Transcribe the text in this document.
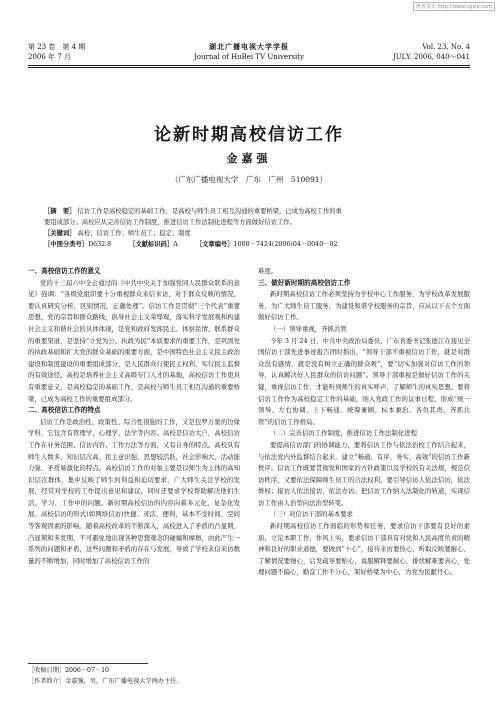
维普资讯 http://www.cqvip.com
第 23 卷　第 4 期	湖北广播电视大学学报	Vol. 23, No. 4
2006 年 7 月	Journal of HuBei TV University	JULY. 2006, 040～041
论新时期高校信访工作
金嘉强
（广东广播电视大学　广东　广州　510091）
［摘　要］ 信访工作是高校稳定的基础工作，是高校与师生员工相互沟通的重要桥梁，已成为高校工作的重
要组成部分。高校应从完善信访工作制度，推进信访工作法制化进程等方面做好信访工作。
［关键词］ 高校；信访工作；师生员工；稳定；制度
［中图分类号］D632.8	［文献标识码］A	［文章编号］1008－7424(2006)04－0040－02
一、高校信访工作的意义

党的十三届六中全会通过的《中共中央关于加强党同人民群众联系的意见》强调：“各级党组织要十分重视群众来信来访，对于群众反映的情况，要认真研究分析，区别情况，正确处理”。信访工作是贯彻“三个代表”重要思想、党的宗旨和群众路线，倡导社会主义荣辱观，落实科学发展观和构建社会主义和谐社会的具体体现，是党和政府发挥民主、体察民情、联系群众的重要渠道，是坚持“立党为公、执政为民”本质要求的重要工作，是巩固党的执政基础和扩大党的群众基础的重要方面，是中国特色社会主义民主政治建设和制度建设的重要组成部分，是人民群众行使民主权利、实行民主监督的有效途径。高校是培养社会主义高级专门人才的基地，高校信访工作更具有重要意义，是高校稳定的基础工作，是高校与师生员工相互沟通的重要桥梁，已成为高校工作的重要组成部分。

二、高校信访工作的特点

信访工作是政治性、政策性、综合性很强的工作，又是包罗万象的边缘学科，它包含有管理学、心理学、法学等内容。高校是信访大户，高校信访工作在业务范围、信访内容、工作方法等方面，又有自身的特点。高校具有师生人数多、知识层次高、民主意识强、思想较活跃，社会影响大、活动能力强、矛盾易激化的特点。高校信访工作的对象主要是以师生为主体的高知识层次群体，集中反映了师生的利益和迫切要求，广大师生关注学校的发展，经常对学校的工作提出意见和建议，同时还要求学校帮助解决他们生活、学习、工作中的问题。新时期高校信访的内容向着多元化、复杂化发展。高校信访的形式(如网络信访)快捷、灵活、便利，基本不受时间、空间等客观因素的影响。随着高校改革的不断深入，高校进入了矛盾的凸显期，凸显期和多发期，不可避免地出现各种思想观念的碰撞和摩擦，由此产生一系列的问题和矛盾，这些问题和矛盾的存在与发展，导致了学校来信来访数量的不断增加，同时增加了高校信访工作的

难度。
三、做好新时期的高校信访工作

新时期高校信访工作必须坚持为学校中心工作服务，为学校改革发展服务，为广大师生员工服务，为建设和谐学校服务的宗旨，应从以下五个方面做好信访工作。

（一）领导重视，齐抓共管

今年 3 月 24 日，中共中央政治局委员、广东省委书记张德江在接见全国信访干部先进事迹报告团时指出，“领导干部不重视信访工作，就是对群众没有感情，就是没有树立正确的群众观”，要“切实加强对信访工作的领导，认真解决好人民群众的信访问题”。领导干部重视是做好信访工作的关键，重视信访工作，才能听到师生的真实呼声，了解师生的真实思想。要将信访工作作为高校稳定工作的基础，纳入党政工作的议事日程，形成“统一领导、左右协调、上下畅通、统筹兼顾、标本兼治、各负其责、齐抓共管”的信访工作格局。

（二）完善信访工作制度，推进信访工作法制化进程

要提高信访部门的协调能力，要将信访工作与依法治校工作结合起来，与依法党内外监督结合起来，建立“畅通、有序、务实、高效”的信访工作新秩序。信访工作既要贯彻党和国家的方针政策以及学校的有关法规，规范信访秩序，又要依法保障师生员工的合法权利，要引导信访人依法信访，依法维权；接访人依法接访，依法办访。把信访工作纳入法制化的轨道，实现信访工作由人治型向法治型转变。

（三）对信访干部的基本要求

新时期高校信访工作面临的形势和任务，要求信访干部要有良好的素质，立足本职工作，作风上实，要求信访干部具有对党和人民高度负责的精神和良好的职业道德，要做到“十心”，接待来访要热心，听取反映要耐心，了解情况要细心，启发疏导要贴心，说服解释要耐心，排忧解难要真心，处理问题不偏心，勤奋工作不分心，架好桥梁为中心，为党为民献丹心。

［收稿日期］2006－07－10
［作者简介］金嘉强，男，广东广播电视大学两办主任。
